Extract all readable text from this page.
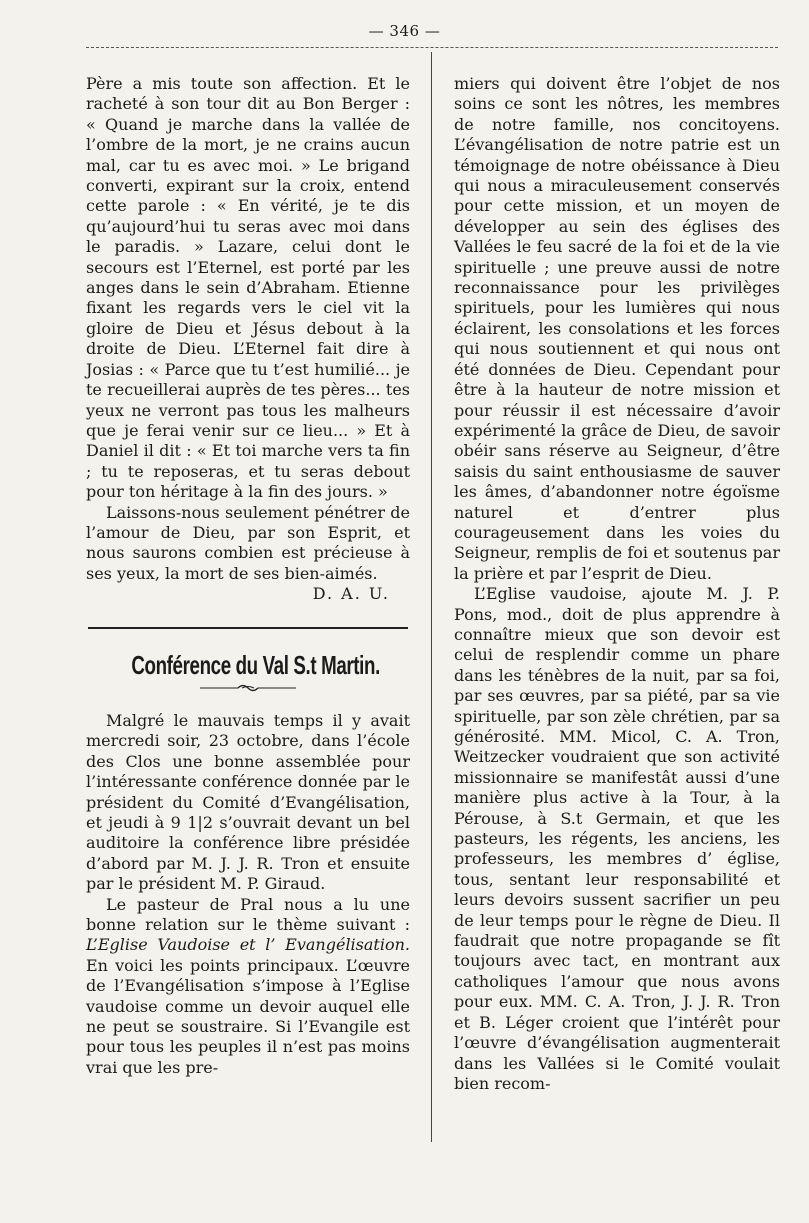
— 346 —

Père a mis toute son affection. Et le racheté à son tour dit au Bon Berger : « Quand je marche dans la vallée de l’ombre de la mort, je ne crains aucun mal, car tu es avec moi. » Le brigand converti, expirant sur la croix, entend cette parole : « En vérité, je te dis qu’aujourd’hui tu seras avec moi dans le paradis. » Lazare, celui dont le secours est l’Eternel, est porté par les anges dans le sein d’Abraham. Etienne fixant les regards vers le ciel vit la gloire de Dieu et Jésus debout à la droite de Dieu. L’Eternel fait dire à Josias : « Parce que tu t’est humilié... je te recueillerai auprès de tes pères... tes yeux ne verront pas tous les malheurs que je ferai venir sur ce lieu... » Et à Daniel il dit : « Et toi marche vers ta fin ; tu te reposeras, et tu seras debout pour ton héritage à la fin des jours. »

Laissons-nous seulement pénétrer de l’amour de Dieu, par son Esprit, et nous saurons combien est précieuse à ses yeux, la mort de ses bien-aimés.

D. A. U.

Conférence du Val S.t Martin.

Malgré le mauvais temps il y avait mercredi soir, 23 octobre, dans l’école des Clos une bonne assemblée pour l’intéressante conférence donnée par le président du Comité d’Evangélisation, et jeudi à 9 1|2 s’ouvrait devant un bel auditoire la conférence libre présidée d’abord par M. J. J. R. Tron et ensuite par le président M. P. Giraud.

Le pasteur de Pral nous a lu une bonne relation sur le thème suivant : L’Eglise Vaudoise et l’ Evangélisation. En voici les points principaux. L’œuvre de l’Evangélisation s’impose à l’Eglise vaudoise comme un devoir auquel elle ne peut se soustraire. Si l’Evangile est pour tous les peuples il n’est pas moins vrai que les pre-

miers qui doivent être l’objet de nos soins ce sont les nôtres, les membres de notre famille, nos concitoyens. L’évangélisation de notre patrie est un témoignage de notre obéissance à Dieu qui nous a miraculeusement conservés pour cette mission, et un moyen de développer au sein des églises des Vallées le feu sacré de la foi et de la vie spirituelle ; une preuve aussi de notre reconnaissance pour les privilèges spirituels, pour les lumières qui nous éclairent, les consolations et les forces qui nous soutiennent et qui nous ont été données de Dieu. Cependant pour être à la hauteur de notre mission et pour réussir il est nécessaire d’avoir expérimenté la grâce de Dieu, de savoir obéir sans réserve au Seigneur, d’être saisis du saint enthousiasme de sauver les âmes, d’abandonner notre égoïsme naturel et d’entrer plus courageusement dans les voies du Seigneur, remplis de foi et soutenus par la prière et par l’esprit de Dieu.

L’Eglise vaudoise, ajoute M. J. P. Pons, mod., doit de plus apprendre à connaître mieux que son devoir est celui de resplendir comme un phare dans les ténèbres de la nuit, par sa foi, par ses œuvres, par sa piété, par sa vie spirituelle, par son zèle chrétien, par sa générosité. MM. Micol, C. A. Tron, Weitzecker voudraient que son activité missionnaire se manifestât aussi d’une manière plus active à la Tour, à la Pérouse, à S.t Germain, et que les pasteurs, les régents, les anciens, les professeurs, les membres d’ église, tous, sentant leur responsabilité et leurs devoirs sussent sacrifier un peu de leur temps pour le règne de Dieu. Il faudrait que notre propagande se fît toujours avec tact, en montrant aux catholiques l’amour que nous avons pour eux. MM. C. A. Tron, J. J. R. Tron et B. Léger croient que l’intérêt pour l’œuvre d’évangélisation augmenterait dans les Vallées si le Comité voulait bien recom-
